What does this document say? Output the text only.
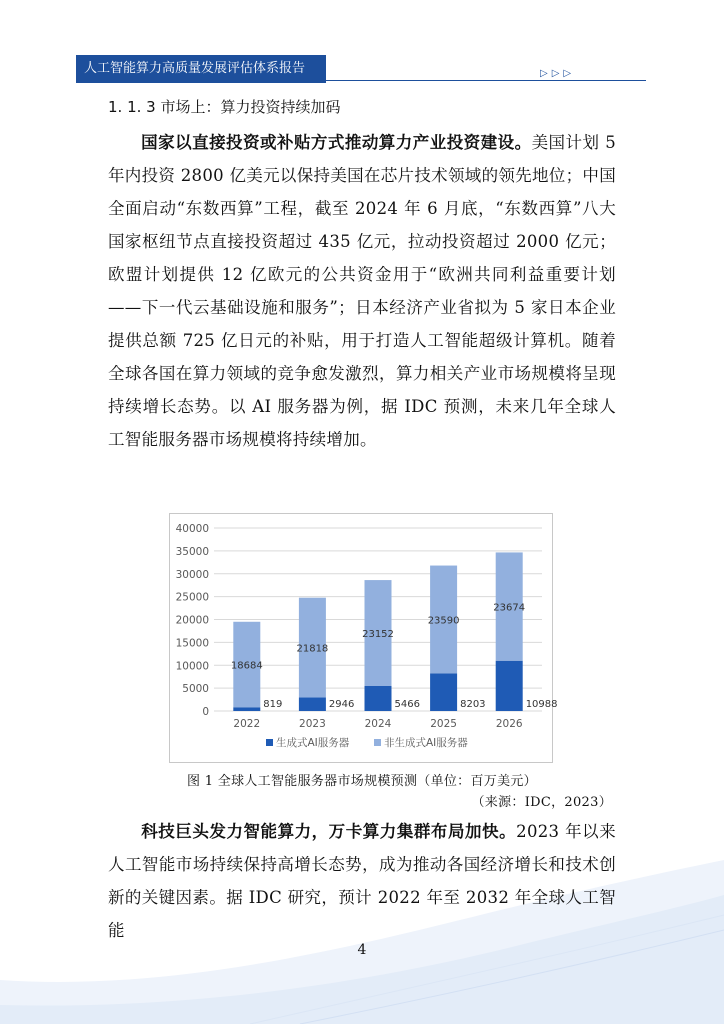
人工智能算力高质量发展评估体系报告	▷▷▷
1. 1. 3 市场上：算力投资持续加码
国家以直接投资或补贴方式推动算力产业投资建设。美国计划 5 年内投资 2800 亿美元以保持美国在芯片技术领域的领先地位；中国全面启动“东数西算”工程，截至 2024 年 6 月底，“东数西算”八大国家枢纽节点直接投资超过 435 亿元，拉动投资超过 2000 亿元；欧盟计划提供 12 亿欧元的公共资金用于“欧洲共同利益重要计划——下一代云基础设施和服务”；日本经济产业省拟为 5 家日本企业提供总额 725 亿日元的补贴，用于打造人工智能超级计算机。随着全球各国在算力领域的竞争愈发激烈，算力相关产业市场规模将呈现持续增长态势。以 AI 服务器为例，据 IDC 预测，未来几年全球人工智能服务器市场规模将持续增加。
0
5000
10000
15000
20000
25000
30000
35000
40000
18684
819
2022
21818
2946
2023
23152
5466
2024
23590
8203
2025
23674
10988
2026
生成式AI服务器	非生成式AI服务器
图 1 全球人工智能服务器市场规模预测（单位：百万美元）
（来源：IDC，2023）
科技巨头发力智能算力，万卡算力集群布局加快。2023 年以来人工智能市场持续保持高增长态势，成为推动各国经济增长和技术创新的关键因素。据 IDC 研究，预计 2022 年至 2032 年全球人工智能
4
